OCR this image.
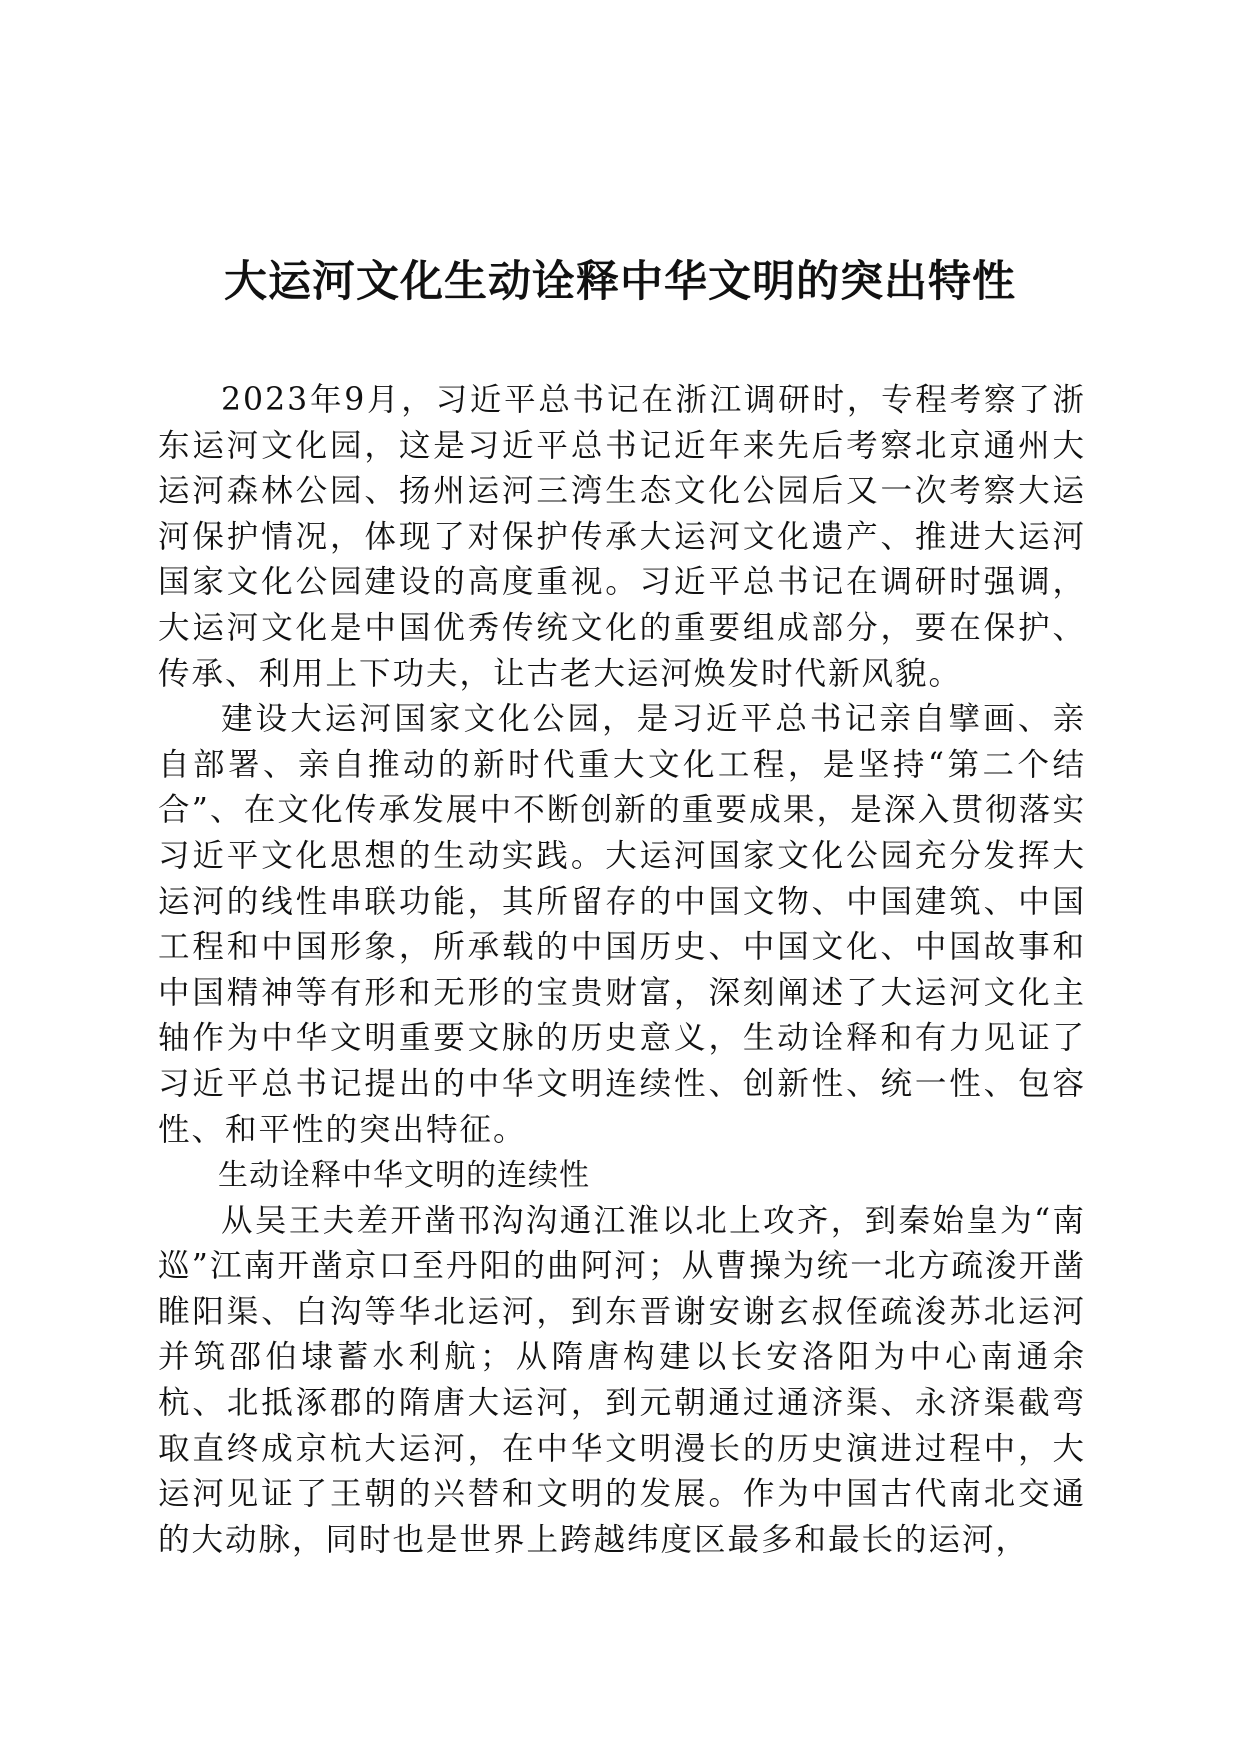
大运河文化生动诠释中华文明的突出特性

2023年9月，习近平总书记在浙江调研时，专程考察了浙东运河文化园，这是习近平总书记近年来先后考察北京通州大运河森林公园、扬州运河三湾生态文化公园后又一次考察大运河保护情况，体现了对保护传承大运河文化遗产、推进大运河国家文化公园建设的高度重视。习近平总书记在调研时强调，大运河文化是中国优秀传统文化的重要组成部分，要在保护、传承、利用上下功夫，让古老大运河焕发时代新风貌。

建设大运河国家文化公园，是习近平总书记亲自擘画、亲自部署、亲自推动的新时代重大文化工程，是坚持“第二个结合”、在文化传承发展中不断创新的重要成果，是深入贯彻落实习近平文化思想的生动实践。大运河国家文化公园充分发挥大运河的线性串联功能，其所留存的中国文物、中国建筑、中国工程和中国形象，所承载的中国历史、中国文化、中国故事和中国精神等有形和无形的宝贵财富，深刻阐述了大运河文化主轴作为中华文明重要文脉的历史意义，生动诠释和有力见证了习近平总书记提出的中华文明连续性、创新性、统一性、包容性、和平性的突出特征。

生动诠释中华文明的连续性

从吴王夫差开凿邗沟沟通江淮以北上攻齐，到秦始皇为“南巡”江南开凿京口至丹阳的曲阿河；从曹操为统一北方疏浚开凿睢阳渠、白沟等华北运河，到东晋谢安谢玄叔侄疏浚苏北运河并筑邵伯埭蓄水利航；从隋唐构建以长安洛阳为中心南通余杭、北抵涿郡的隋唐大运河，到元朝通过通济渠、永济渠截弯取直终成京杭大运河，在中华文明漫长的历史演进过程中，大运河见证了王朝的兴替和文明的发展。作为中国古代南北交通的大动脉，同时也是世界上跨越纬度区最多和最长的运河，
